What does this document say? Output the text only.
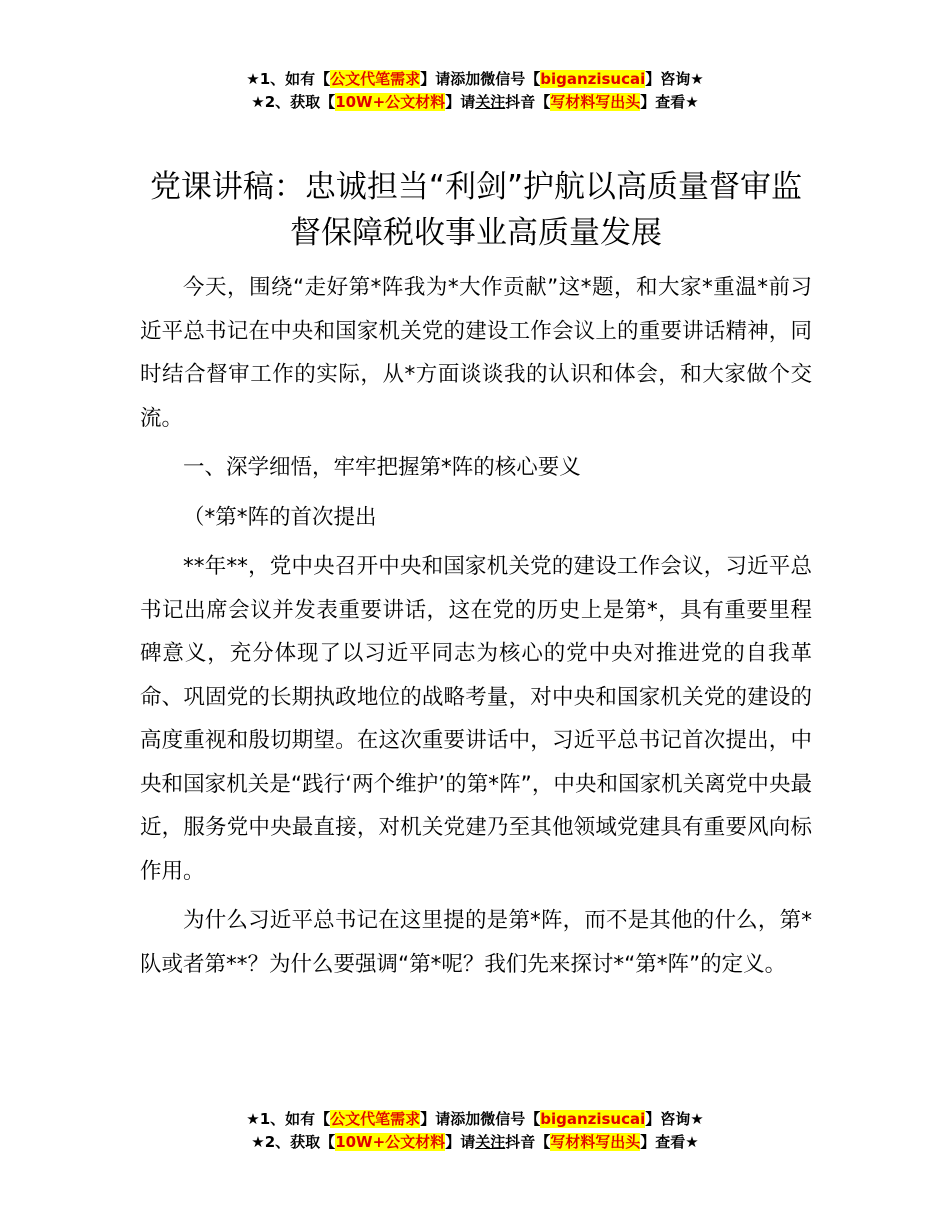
★1、如有【公文代笔需求】请添加微信号【biganzisucai】咨询★
★2、获取【10W+公文材料】请关注抖音【写材料写出头】查看★
党课讲稿：忠诚担当“利剑”护航以高质量督审监督保障税收事业高质量发展

今天，围绕“走好第*阵我为*大作贡献”这*题，和大家*重温*前习近平总书记在中央和国家机关党的建设工作会议上的重要讲话精神，同时结合督审工作的实际，从*方面谈谈我的认识和体会，和大家做个交流。

一、深学细悟，牢牢把握第*阵的核心要义

（*第*阵的首次提出

**年**，党中央召开中央和国家机关党的建设工作会议，习近平总书记出席会议并发表重要讲话，这在党的历史上是第*，具有重要里程碑意义，充分体现了以习近平同志为核心的党中央对推进党的自我革命、巩固党的长期执政地位的战略考量，对中央和国家机关党的建设的高度重视和殷切期望。在这次重要讲话中，习近平总书记首次提出，中央和国家机关是“践行‘两个维护’的第*阵”，中央和国家机关离党中央最近，服务党中央最直接，对机关党建乃至其他领域党建具有重要风向标作用。

为什么习近平总书记在这里提的是第*阵，而不是其他的什么，第*队或者第**？为什么要强调“第*呢？我们先来探讨*“第*阵”的定义。

★1、如有【公文代笔需求】请添加微信号【biganzisucai】咨询★
★2、获取【10W+公文材料】请关注抖音【写材料写出头】查看★
